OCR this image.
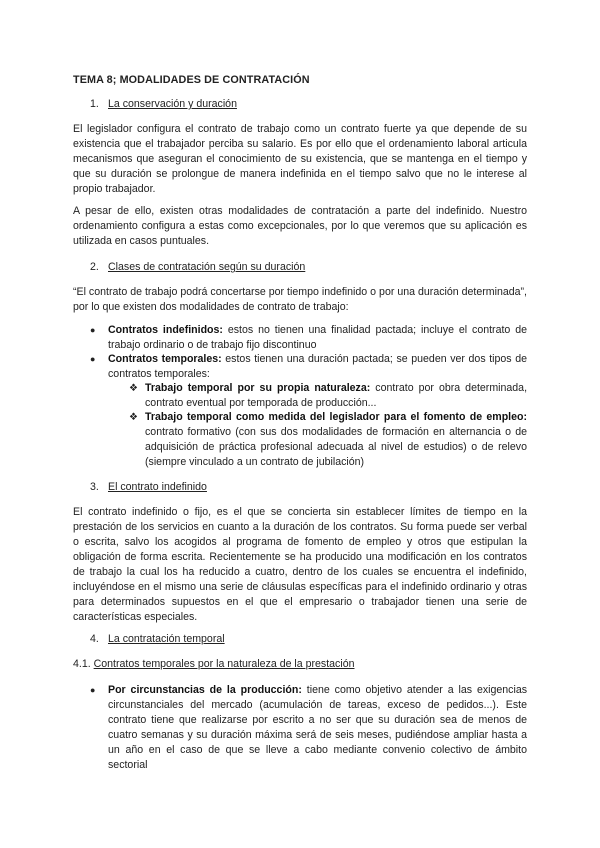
TEMA 8; MODALIDADES DE CONTRATACIÓN
1. La conservación y duración
El legislador configura el contrato de trabajo como un contrato fuerte ya que depende de su existencia que el trabajador perciba su salario. Es por ello que el ordenamiento laboral articula mecanismos que aseguran el conocimiento de su existencia, que se mantenga en el tiempo y que su duración se prolongue de manera indefinida en el tiempo salvo que no le interese al propio trabajador.
A pesar de ello, existen otras modalidades de contratación a parte del indefinido. Nuestro ordenamiento configura a estas como excepcionales, por lo que veremos que su aplicación es utilizada en casos puntuales.
2. Clases de contratación según su duración
“El contrato de trabajo podrá concertarse por tiempo indefinido o por una duración determinada”, por lo que existen dos modalidades de contrato de trabajo:
● Contratos indefinidos: estos no tienen una finalidad pactada; incluye el contrato de trabajo ordinario o de trabajo fijo discontinuo
● Contratos temporales: estos tienen una duración pactada; se pueden ver dos tipos de contratos temporales:
❖ Trabajo temporal por su propia naturaleza: contrato por obra determinada, contrato eventual por temporada de producción...
❖ Trabajo temporal como medida del legislador para el fomento de empleo: contrato formativo (con sus dos modalidades de formación en alternancia o de adquisición de práctica profesional adecuada al nivel de estudios) o de relevo (siempre vinculado a un contrato de jubilación)
3. El contrato indefinido
El contrato indefinido o fijo, es el que se concierta sin establecer límites de tiempo en la prestación de los servicios en cuanto a la duración de los contratos. Su forma puede ser verbal o escrita, salvo los acogidos al programa de fomento de empleo y otros que estipulan la obligación de forma escrita. Recientemente se ha producido una modificación en los contratos de trabajo la cual los ha reducido a cuatro, dentro de los cuales se encuentra el indefinido, incluyéndose en el mismo una serie de cláusulas específicas para el indefinido ordinario y otras para determinados supuestos en el que el empresario o trabajador tienen una serie de características especiales.
4. La contratación temporal
4.1. Contratos temporales por la naturaleza de la prestación
● Por circunstancias de la producción: tiene como objetivo atender a las exigencias circunstanciales del mercado (acumulación de tareas, exceso de pedidos...). Este contrato tiene que realizarse por escrito a no ser que su duración sea de menos de cuatro semanas y su duración máxima será de seis meses, pudiéndose ampliar hasta a un año en el caso de que se lleve a cabo mediante convenio colectivo de ámbito sectorial
